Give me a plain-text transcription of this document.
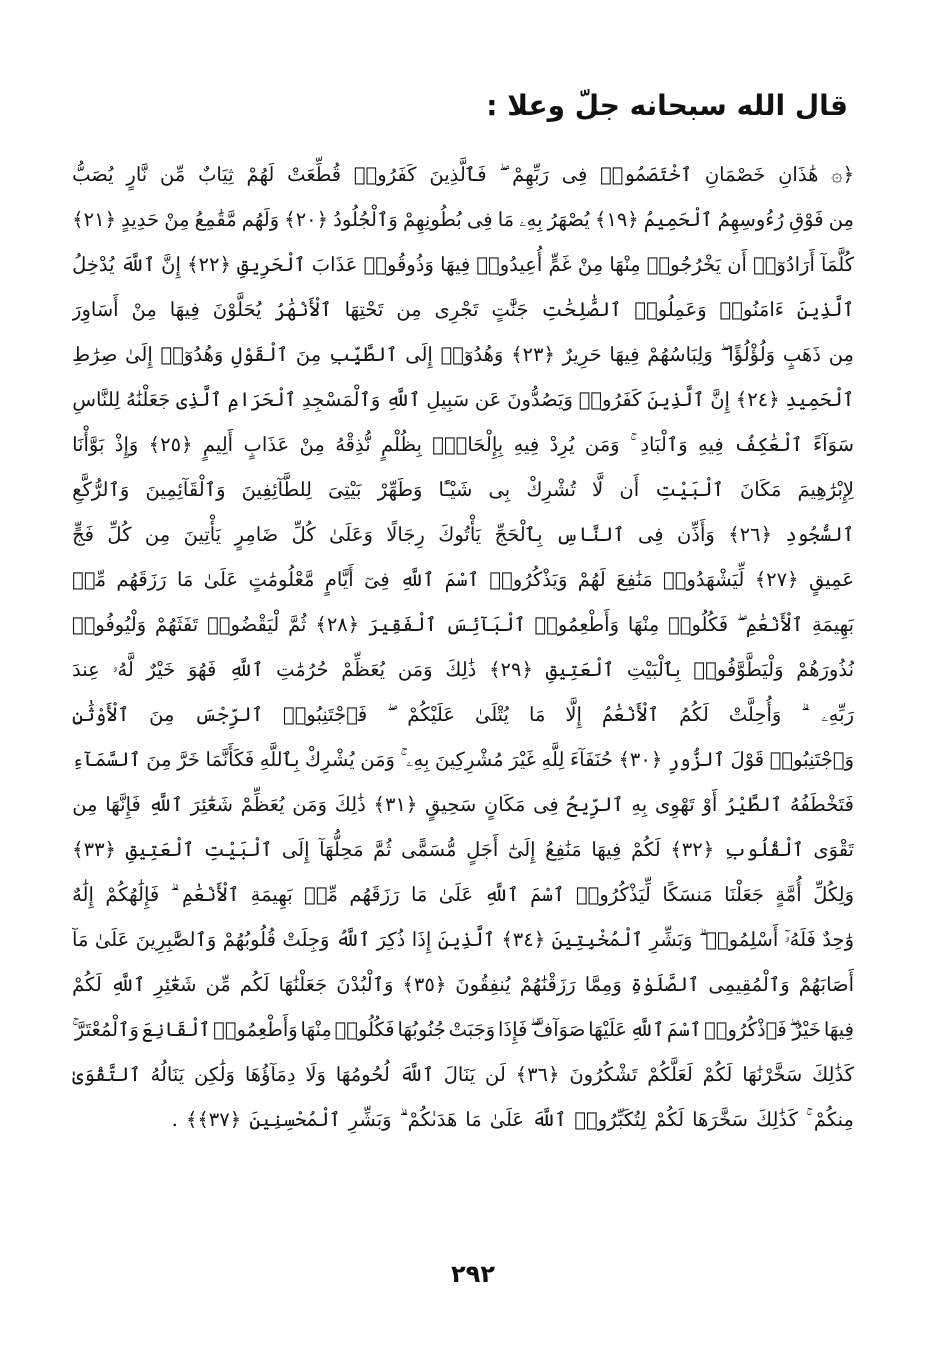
قال الله سبحانه جلّ وعلا :
﴿۞
هَٰذَانِ
خَصْمَانِ
ٱخْتَصَمُوا۟
فِى
رَبِّهِمْ
فَٱلَّذِينَ
كَفَرُوا۟
قُطِّعَتْ
لَهُمْ
ثِيَابٌ
مِّن
نَّارٍ
يُصَبُّ
مِن
فَوْقِ
رُءُوسِهِمُ
ٱلْحَمِيمُ
﴿١٩﴾
يُصْهَرُ
بِهِۦ
مَا
فِى
بُطُونِهِمْ
وَٱلْجُلُودُ
﴿٢٠﴾
وَلَهُم
مَّقَٰمِعُ
مِنْ
حَدِيدٍ
﴿٢١﴾
كُلَّمَآ
أَرَادُوٓا۟
أَن
يَخْرُجُوا۟
مِنْهَا
مِنْ
غَمٍّ
أُعِيدُوا۟
فِيهَا
وَذُوقُوا۟
عَذَابَ
ٱلْحَرِيقِ
﴿٢٢﴾
إِنَّ
ٱللَّهَ
يُدْخِلُ
ٱلَّذِينَ
ءَامَنُوا۟
وَعَمِلُوا۟
ٱلصَّٰلِحَٰتِ
جَنَّٰتٍ
تَجْرِى
مِن
تَحْتِهَا
ٱلْأَنْهَٰرُ
يُحَلَّوْنَ
فِيهَا
مِنْ
أَسَاوِرَ
مِن
ذَهَبٍ
وَلُؤْلُؤًا
وَلِبَاسُهُمْ
فِيهَا
حَرِيرٌ
﴿٢٣﴾
وَهُدُوٓا۟
إِلَى
ٱلطَّيِّبِ
مِنَ
ٱلْقَوْلِ
وَهُدُوٓا۟
إِلَىٰ
صِرَٰطِ
ٱلْحَمِيدِ
﴿٢٤﴾
إِنَّ
ٱلَّذِينَ
كَفَرُوا۟
وَيَصُدُّونَ
عَن
سَبِيلِ
ٱللَّهِ
وَٱلْمَسْجِدِ
ٱلْحَرَامِ
ٱلَّذِى
جَعَلْنَٰهُ
لِلنَّاسِ
سَوَآءً
ٱلْعَٰكِفُ
فِيهِ
وَٱلْبَادِ
وَمَن
يُرِدْ
فِيهِ
بِإِلْحَادٍۭ
بِظُلْمٍ
نُّذِقْهُ
مِنْ
عَذَابٍ
أَلِيمٍ
﴿٢٥﴾
وَإِذْ
بَوَّأْنَا
لِإِبْرَٰهِيمَ
مَكَانَ
ٱلْبَيْتِ
أَن
لَّا
تُشْرِكْ
بِى
شَيْـًٔا
وَطَهِّرْ
بَيْتِىَ
لِلطَّآئِفِينَ
وَٱلْقَآئِمِينَ
وَٱلرُّكَّعِ
ٱلسُّجُودِ
﴿٢٦﴾
وَأَذِّن
فِى
ٱلنَّاسِ
بِٱلْحَجِّ
يَأْتُوكَ
رِجَالًا
وَعَلَىٰ
كُلِّ
ضَامِرٍ
يَأْتِينَ
مِن
كُلِّ
فَجٍّ
عَمِيقٍ
﴿٢٧﴾
لِّيَشْهَدُوا۟
مَنَٰفِعَ
لَهُمْ
وَيَذْكُرُوا۟
ٱسْمَ
ٱللَّهِ
فِىٓ
أَيَّامٍ
مَّعْلُومَٰتٍ
عَلَىٰ
مَا
رَزَقَهُم
مِّنۢ
بَهِيمَةِ
ٱلْأَنْعَٰمِ
فَكُلُوا۟
مِنْهَا
وَأَطْعِمُوا۟
ٱلْبَآئِسَ
ٱلْفَقِيرَ
﴿٢٨﴾
ثُمَّ
لْيَقْضُوا۟
تَفَثَهُمْ
وَلْيُوفُوا۟
نُذُورَهُمْ
وَلْيَطَّوَّفُوا۟
بِٱلْبَيْتِ
ٱلْعَتِيقِ
﴿٢٩﴾
ذَٰلِكَ
وَمَن
يُعَظِّمْ
حُرُمَٰتِ
ٱللَّهِ
فَهُوَ
خَيْرٌ
لَّهُۥ
عِندَ
رَبِّهِۦ
وَأُحِلَّتْ
لَكُمُ
ٱلْأَنْعَٰمُ
إِلَّا
مَا
يُتْلَىٰ
عَلَيْكُمْ
فَٱجْتَنِبُوا۟
ٱلرِّجْسَ
مِنَ
ٱلْأَوْثَٰنِ
وَٱجْتَنِبُوا۟
قَوْلَ
ٱلزُّورِ
﴿٣٠﴾
حُنَفَآءَ
لِلَّهِ
غَيْرَ
مُشْرِكِينَ
بِهِۦ
وَمَن
يُشْرِكْ
بِٱللَّهِ
فَكَأَنَّمَا
خَرَّ
مِنَ
ٱلسَّمَآءِ
فَتَخْطَفُهُ
ٱلطَّيْرُ
أَوْ
تَهْوِى
بِهِ
ٱلرِّيحُ
فِى
مَكَانٍ
سَحِيقٍ
﴿٣١﴾
ذَٰلِكَ
وَمَن
يُعَظِّمْ
شَعَٰٓئِرَ
ٱللَّهِ
فَإِنَّهَا
مِن
تَقْوَى
ٱلْقُلُوبِ
﴿٣٢﴾
لَكُمْ
فِيهَا
مَنَٰفِعُ
إِلَىٰٓ
أَجَلٍ
مُّسَمًّى
ثُمَّ
مَحِلُّهَآ
إِلَى
ٱلْبَيْتِ
ٱلْعَتِيقِ
﴿٣٣﴾
وَلِكُلِّ
أُمَّةٍ
جَعَلْنَا
مَنسَكًا
لِّيَذْكُرُوا۟
ٱسْمَ
ٱللَّهِ
عَلَىٰ
مَا
رَزَقَهُم
مِّنۢ
بَهِيمَةِ
ٱلْأَنْعَٰمِ
فَإِلَٰهُكُمْ
إِلَٰهٌ
وَٰحِدٌ
فَلَهُۥٓ
أَسْلِمُوا۟
وَبَشِّرِ
ٱلْمُخْبِتِينَ
﴿٣٤﴾
ٱلَّذِينَ
إِذَا
ذُكِرَ
ٱللَّهُ
وَجِلَتْ
قُلُوبُهُمْ
وَٱلصَّٰبِرِينَ
عَلَىٰ
مَآ
أَصَابَهُمْ
وَٱلْمُقِيمِى
ٱلصَّلَوٰةِ
وَمِمَّا
رَزَقْنَٰهُمْ
يُنفِقُونَ
﴿٣٥﴾
وَٱلْبُدْنَ
جَعَلْنَٰهَا
لَكُم
مِّن
شَعَٰٓئِرِ
ٱللَّهِ
لَكُمْ
فِيهَا
خَيْرٌ
فَٱذْكُرُوا۟
ٱسْمَ
ٱللَّهِ
عَلَيْهَا
صَوَآفَّ
فَإِذَا
وَجَبَتْ
جُنُوبُهَا
فَكُلُوا۟
مِنْهَا
وَأَطْعِمُوا۟
ٱلْقَانِعَ
وَٱلْمُعْتَرَّ
كَذَٰلِكَ
سَخَّرْنَٰهَا
لَكُمْ
لَعَلَّكُمْ
تَشْكُرُونَ
﴿٣٦﴾
لَن
يَنَالَ
ٱللَّهَ
لُحُومُهَا
وَلَا
دِمَآؤُهَا
وَلَٰكِن
يَنَالُهُ
ٱلتَّقْوَىٰ
مِنكُمْ
كَذَٰلِكَ
سَخَّرَهَا
لَكُمْ
لِتُكَبِّرُوا۟
ٱللَّهَ
عَلَىٰ
مَا
هَدَىٰكُمْ
وَبَشِّرِ
ٱلْمُحْسِنِينَ
﴿٣٧﴾﴾
.
٢٩٢
